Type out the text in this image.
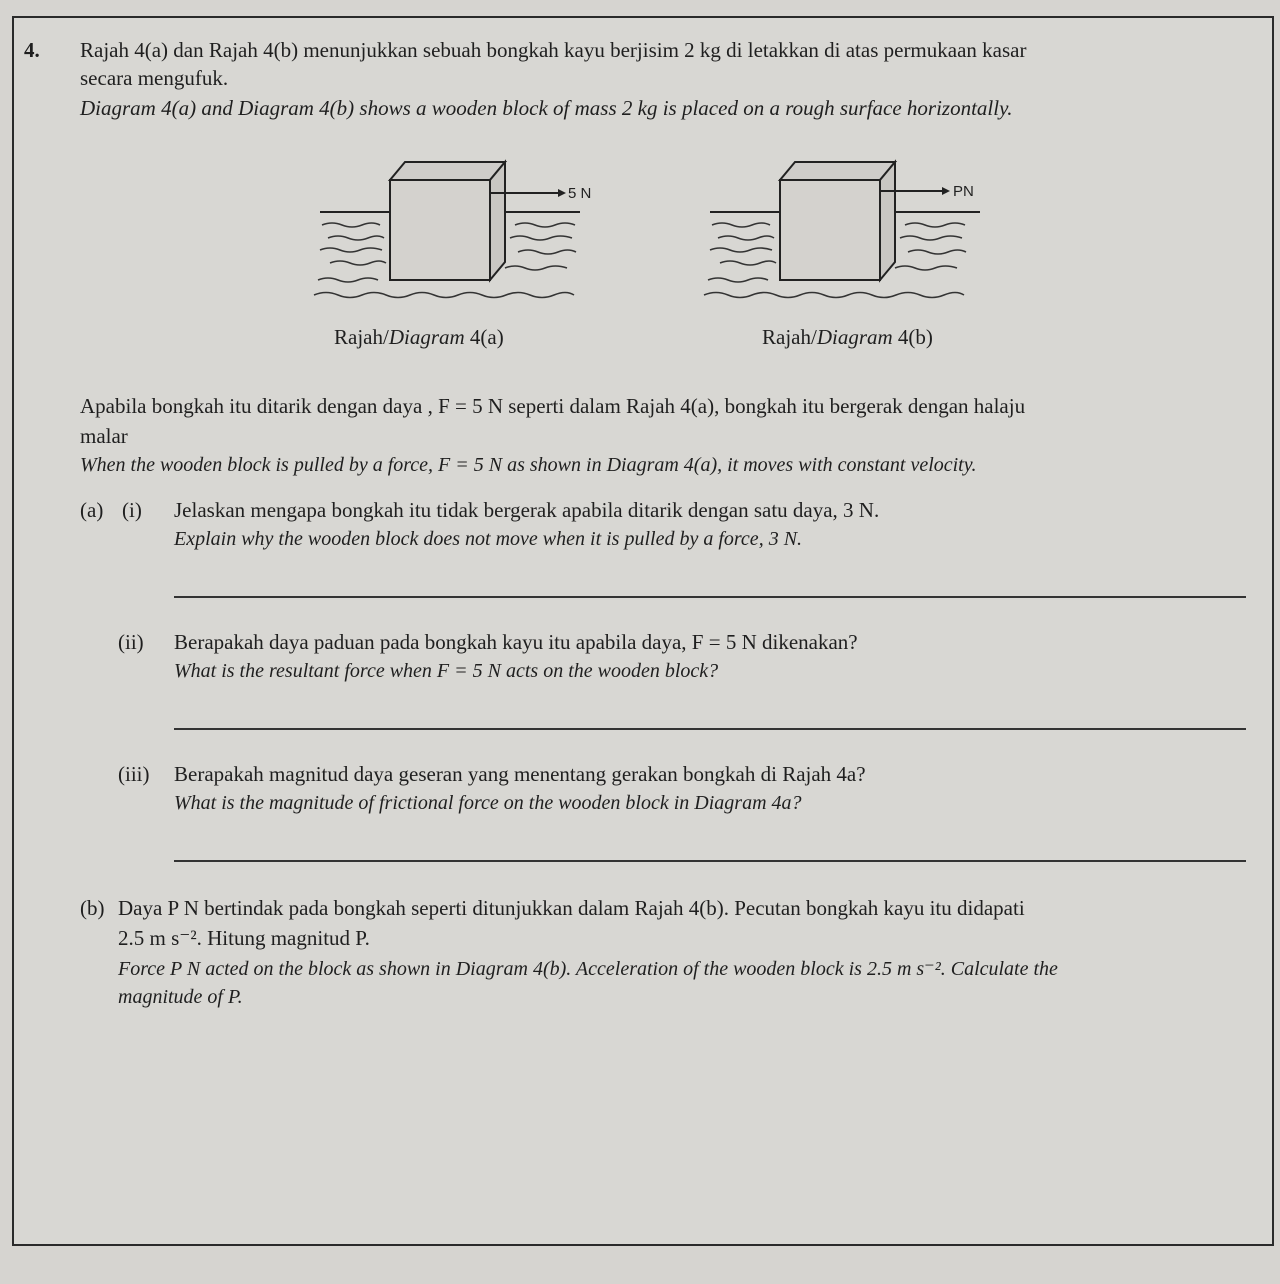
4. Rajah 4(a) dan Rajah 4(b) menunjukkan sebuah bongkah kayu berjisim 2 kg di letakkan di atas permukaan kasar
secara mengufuk.
Diagram 4(a) and Diagram 4(b) shows a wooden block of mass 2 kg is placed on a rough surface horizontally.
5 N
Rajah/Diagram 4(a)
PN
Rajah/Diagram 4(b)
Apabila bongkah itu ditarik dengan daya , F = 5 N seperti dalam Rajah 4(a), bongkah itu bergerak dengan halaju
malar
When the wooden block is pulled by a force, F = 5 N as shown in Diagram 4(a), it moves with constant velocity.
(a) (i) Jelaskan mengapa bongkah itu tidak bergerak apabila ditarik dengan satu daya, 3 N.
Explain why the wooden block does not move when it is pulled by a force, 3 N.
(ii) Berapakah daya paduan pada bongkah kayu itu apabila daya, F = 5 N dikenakan?
What is the resultant force when F = 5 N acts on the wooden block?
(iii) Berapakah magnitud daya geseran yang menentang gerakan bongkah di Rajah 4a?
What is the magnitude of frictional force on the wooden block in Diagram 4a?
(b) Daya P N bertindak pada bongkah seperti ditunjukkan dalam Rajah 4(b). Pecutan bongkah kayu itu didapati
2.5 m s⁻². Hitung magnitud P.
Force P N acted on the block as shown in Diagram 4(b). Acceleration of the wooden block is 2.5 m s⁻². Calculate the
magnitude of P.
